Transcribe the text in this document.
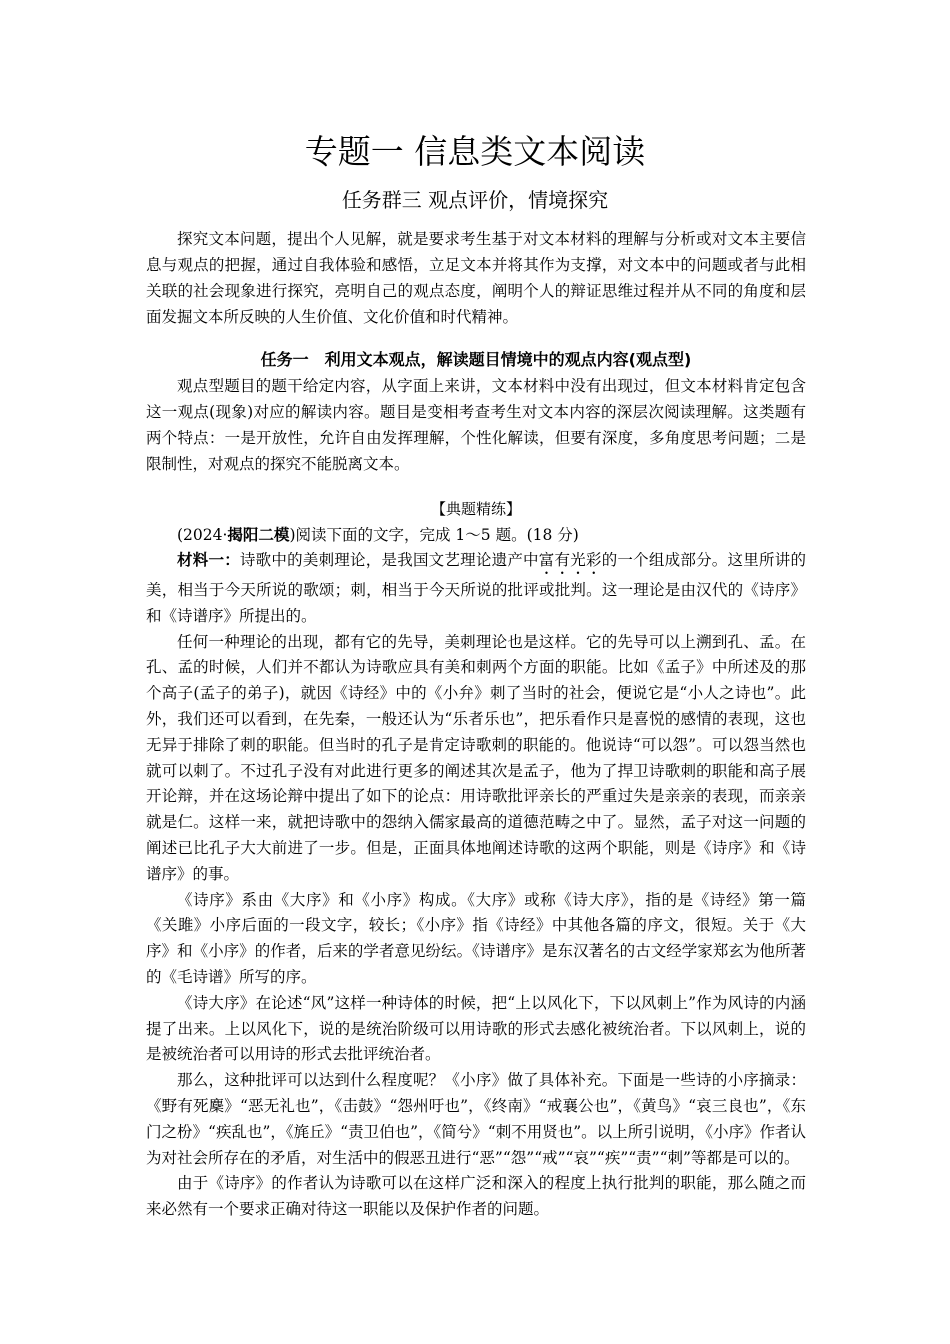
专题一 信息类文本阅读
任务群三 观点评价，情境探究

探究文本问题，提出个人见解，就是要求考生基于对文本材料的理解与分析或对文本主要信息与观点的把握，通过自我体验和感悟，立足文本并将其作为支撑，对文本中的问题或者与此相关联的社会现象进行探究，亮明自己的观点态度，阐明个人的辩证思维过程并从不同的角度和层面发掘文本所反映的人生价值、文化价值和时代精神。

任务一　利用文本观点，解读题目情境中的观点内容(观点型)

观点型题目的题干给定内容，从字面上来讲，文本材料中没有出现过，但文本材料肯定包含这一观点(现象)对应的解读内容。题目是变相考查考生对文本内容的深层次阅读理解。这类题有两个特点：一是开放性，允许自由发挥理解，个性化解读，但要有深度，多角度思考问题；二是限制性，对观点的探究不能脱离文本。

【典题精练】

(2024·揭阳二模)阅读下面的文字，完成 1～5 题。(18 分)

材料一：诗歌中的美刺理论，是我国文艺理论遗产中富有光彩的一个组成部分。这里所讲的美，相当于今天所说的歌颂；刺，相当于今天所说的批评或批判。这一理论是由汉代的《诗序》和《诗谱序》所提出的。

任何一种理论的出现，都有它的先导，美刺理论也是这样。它的先导可以上溯到孔、孟。在孔、孟的时候，人们并不都认为诗歌应具有美和刺两个方面的职能。比如《孟子》中所述及的那个高子(孟子的弟子)，就因《诗经》中的《小弁》刺了当时的社会，便说它是“小人之诗也”。此外，我们还可以看到，在先秦，一般还认为“乐者乐也”，把乐看作只是喜悦的感情的表现，这也无异于排除了刺的职能。但当时的孔子是肯定诗歌刺的职能的。他说诗“可以怨”。可以怨当然也就可以刺了。不过孔子没有对此进行更多的阐述其次是孟子，他为了捍卫诗歌刺的职能和高子展开论辩，并在这场论辩中提出了如下的论点：用诗歌批评亲长的严重过失是亲亲的表现，而亲亲就是仁。这样一来，就把诗歌中的怨纳入儒家最高的道德范畴之中了。显然，孟子对这一问题的阐述已比孔子大大前进了一步。但是，正面具体地阐述诗歌的这两个职能，则是《诗序》和《诗谱序》的事。

《诗序》系由《大序》和《小序》构成。《大序》或称《诗大序》，指的是《诗经》第一篇《关雎》小序后面的一段文字，较长；《小序》指《诗经》中其他各篇的序文，很短。关于《大序》和《小序》的作者，后来的学者意见纷纭。《诗谱序》是东汉著名的古文经学家郑玄为他所著的《毛诗谱》所写的序。

《诗大序》在论述“风”这样一种诗体的时候，把“上以风化下，下以风刺上”作为风诗的内涵提了出来。上以风化下，说的是统治阶级可以用诗歌的形式去感化被统治者。下以风刺上，说的是被统治者可以用诗的形式去批评统治者。

那么，这种批评可以达到什么程度呢？《小序》做了具体补充。下面是一些诗的小序摘录：《野有死麇》“恶无礼也”，《击鼓》“怨州吁也”，《终南》“戒襄公也”，《黄鸟》“哀三良也”，《东门之枌》“疾乱也”，《旄丘》“责卫伯也”，《简兮》“刺不用贤也”。以上所引说明，《小序》作者认为对社会所存在的矛盾，对生活中的假恶丑进行“恶”“怨”“戒”“哀”“疾”“责”“刺”等都是可以的。

由于《诗序》的作者认为诗歌可以在这样广泛和深入的程度上执行批判的职能，那么随之而来必然有一个要求正确对待这一职能以及保护作者的问题。
